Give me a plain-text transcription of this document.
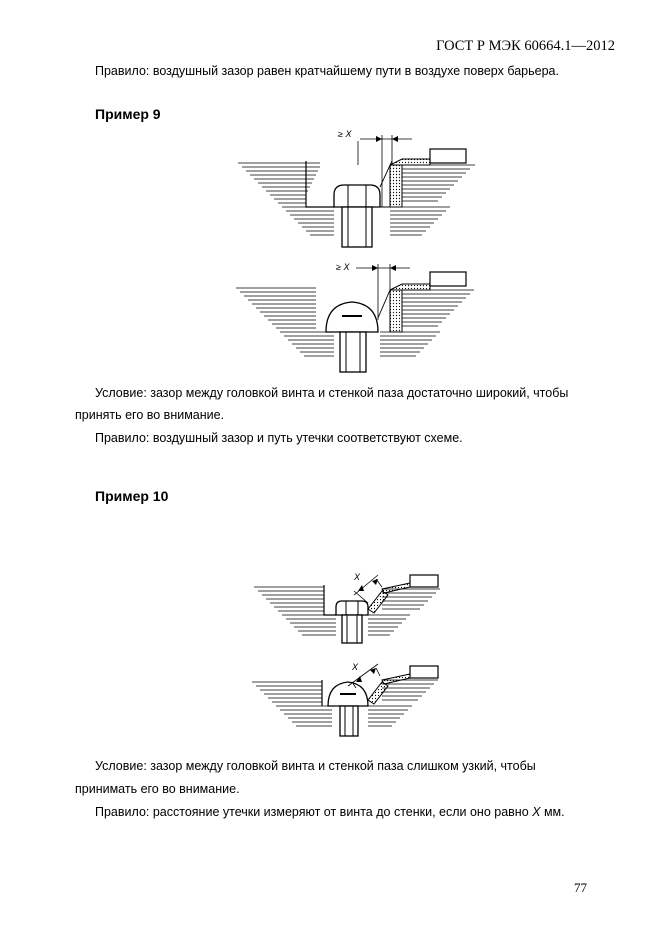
ГОСТ Р МЭК 60664.1—2012
Правило: воздушный зазор равен кратчайшему пути в воздухе поверх барьера.
Пример 9
≥ X
≥ X
Условие: зазор между головкой винта и стенкой паза достаточно широкий, чтобы
принять его во внимание.
Правило: воздушный зазор и путь утечки соответствуют схеме.
Пример 10
X
X
Условие: зазор между головкой винта и стенкой паза слишком узкий, чтобы
принимать его во внимание.
Правило: расстояние утечки измеряют от винта до стенки, если оно равно X мм.
77
